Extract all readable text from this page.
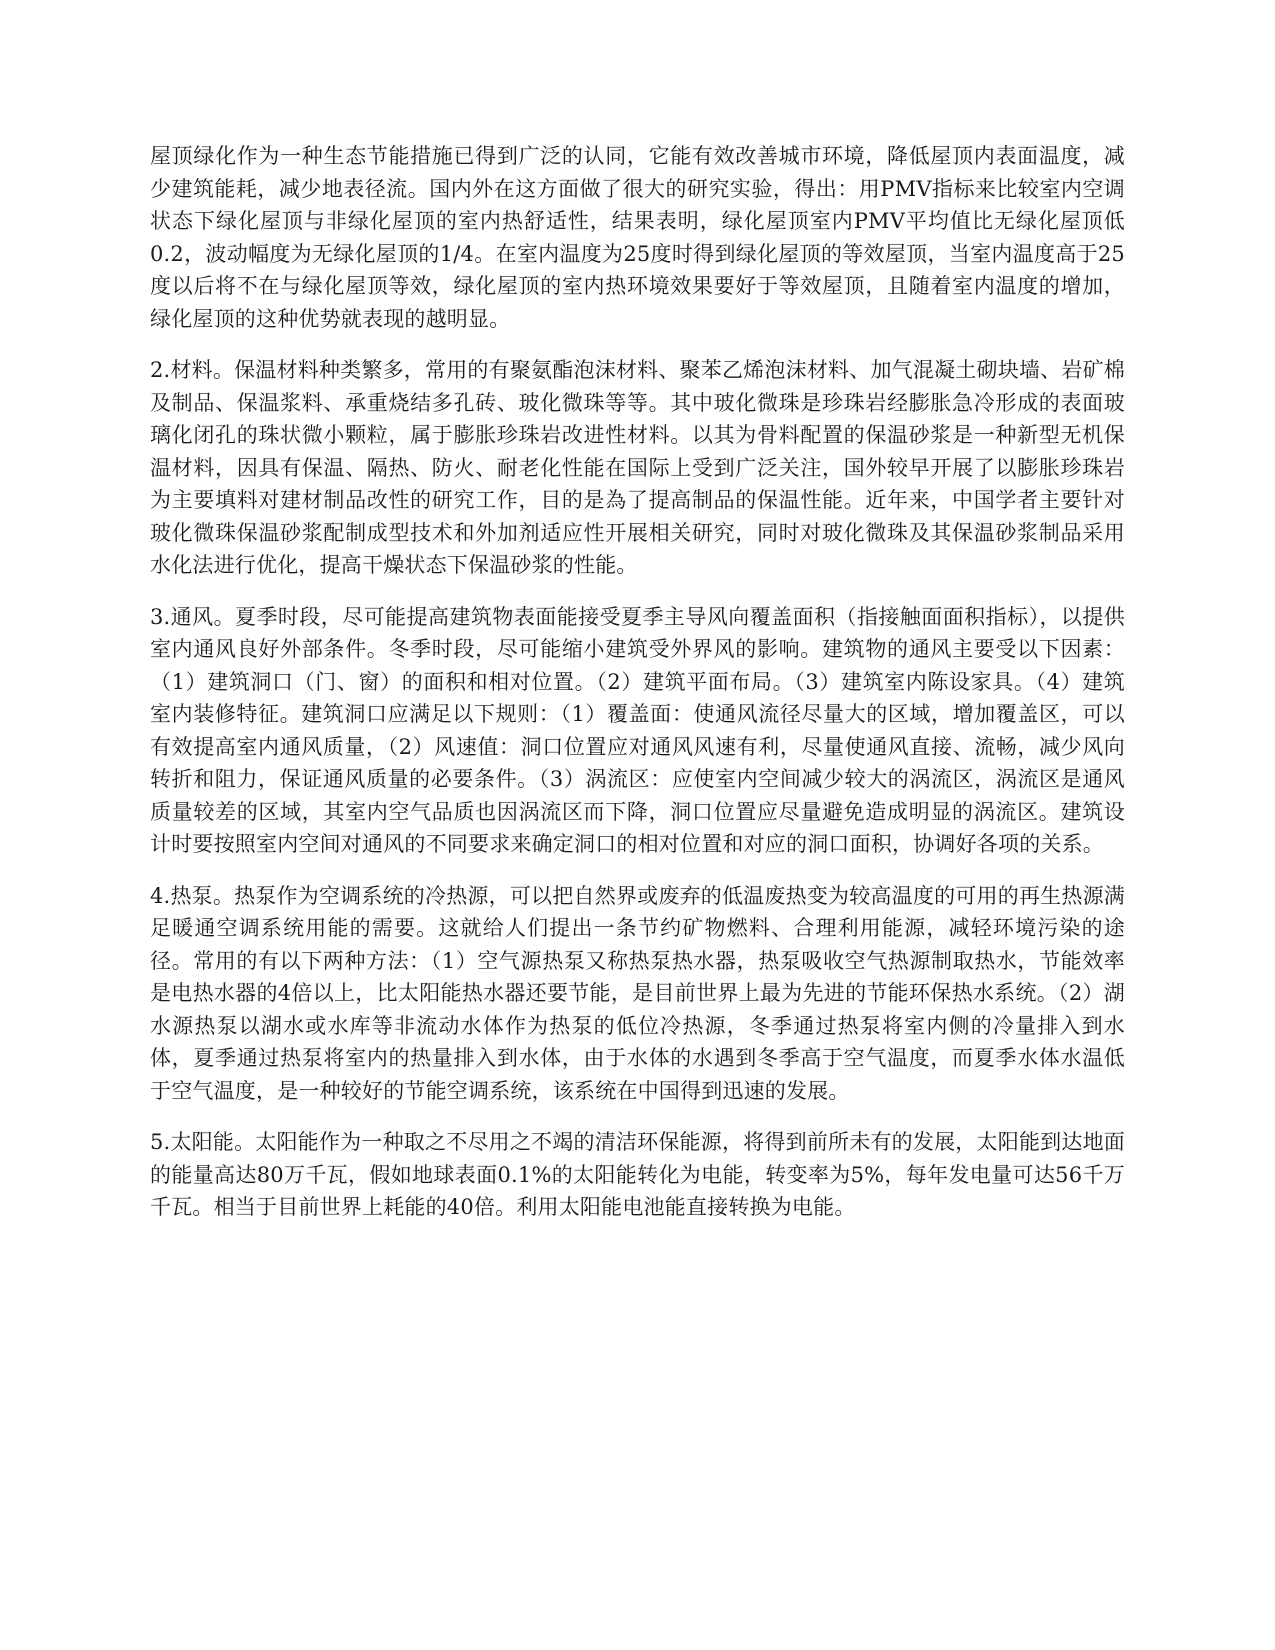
屋顶绿化作为一种生态节能措施已得到广泛的认同，它能有效改善城市环境，降低屋顶内表面温度，减少建筑能耗，减少地表径流。国内外在这方面做了很大的研究实验，得出：用PMV指标来比较室内空调状态下绿化屋顶与非绿化屋顶的室内热舒适性，结果表明，绿化屋顶室内PMV平均值比无绿化屋顶低0.2，波动幅度为无绿化屋顶的1/4。在室内温度为25度时得到绿化屋顶的等效屋顶，当室内温度高于25度以后将不在与绿化屋顶等效，绿化屋顶的室内热环境效果要好于等效屋顶，且随着室内温度的增加，绿化屋顶的这种优势就表现的越明显。

2.材料。保温材料种类繁多，常用的有聚氨酯泡沫材料、聚苯乙烯泡沫材料、加气混凝土砌块墙、岩矿棉及制品、保温浆料、承重烧结多孔砖、玻化微珠等等。其中玻化微珠是珍珠岩经膨胀急冷形成的表面玻璃化闭孔的珠状微小颗粒，属于膨胀珍珠岩改进性材料。以其为骨料配置的保温砂浆是一种新型无机保温材料，因具有保温、隔热、防火、耐老化性能在国际上受到广泛关注，国外较早开展了以膨胀珍珠岩为主要填料对建材制品改性的研究工作，目的是為了提高制品的保温性能。近年来，中国学者主要针对玻化微珠保温砂浆配制成型技术和外加剂适应性开展相关研究，同时对玻化微珠及其保温砂浆制品采用水化法进行优化，提高干燥状态下保温砂浆的性能。

3.通风。夏季时段，尽可能提高建筑物表面能接受夏季主导风向覆盖面积（指接触面面积指标），以提供室内通风良好外部条件。冬季时段，尽可能缩小建筑受外界风的影响。建筑物的通风主要受以下因素：（1）建筑洞口（门、窗）的面积和相对位置。（2）建筑平面布局。（3）建筑室内陈设家具。（4）建筑室内装修特征。建筑洞口应满足以下规则：（1）覆盖面：使通风流径尽量大的区域，增加覆盖区，可以有效提高室内通风质量，（2）风速值：洞口位置应对通风风速有利，尽量使通风直接、流畅，减少风向转折和阻力，保证通风质量的必要条件。（3）涡流区：应使室内空间减少较大的涡流区，涡流区是通风质量较差的区域，其室内空气品质也因涡流区而下降，洞口位置应尽量避免造成明显的涡流区。建筑设计时要按照室内空间对通风的不同要求来确定洞口的相对位置和对应的洞口面积，协调好各项的关系。

4.热泵。热泵作为空调系统的冷热源，可以把自然界或废弃的低温废热变为较高温度的可用的再生热源满足暖通空调系统用能的需要。这就给人们提出一条节约矿物燃料、合理利用能源，减轻环境污染的途径。常用的有以下两种方法：（1）空气源热泵又称热泵热水器，热泵吸收空气热源制取热水，节能效率是电热水器的4倍以上，比太阳能热水器还要节能，是目前世界上最为先进的节能环保热水系统。（2）湖水源热泵以湖水或水库等非流动水体作为热泵的低位冷热源，冬季通过热泵将室内侧的冷量排入到水体，夏季通过热泵将室内的热量排入到水体，由于水体的水遇到冬季高于空气温度，而夏季水体水温低于空气温度，是一种较好的节能空调系统，该系统在中国得到迅速的发展。

5.太阳能。太阳能作为一种取之不尽用之不竭的清洁环保能源，将得到前所未有的发展，太阳能到达地面的能量高达80万千瓦，假如地球表面0.1%的太阳能转化为电能，转变率为5%，每年发电量可达56千万千瓦。相当于目前世界上耗能的40倍。利用太阳能电池能直接转换为电能。
